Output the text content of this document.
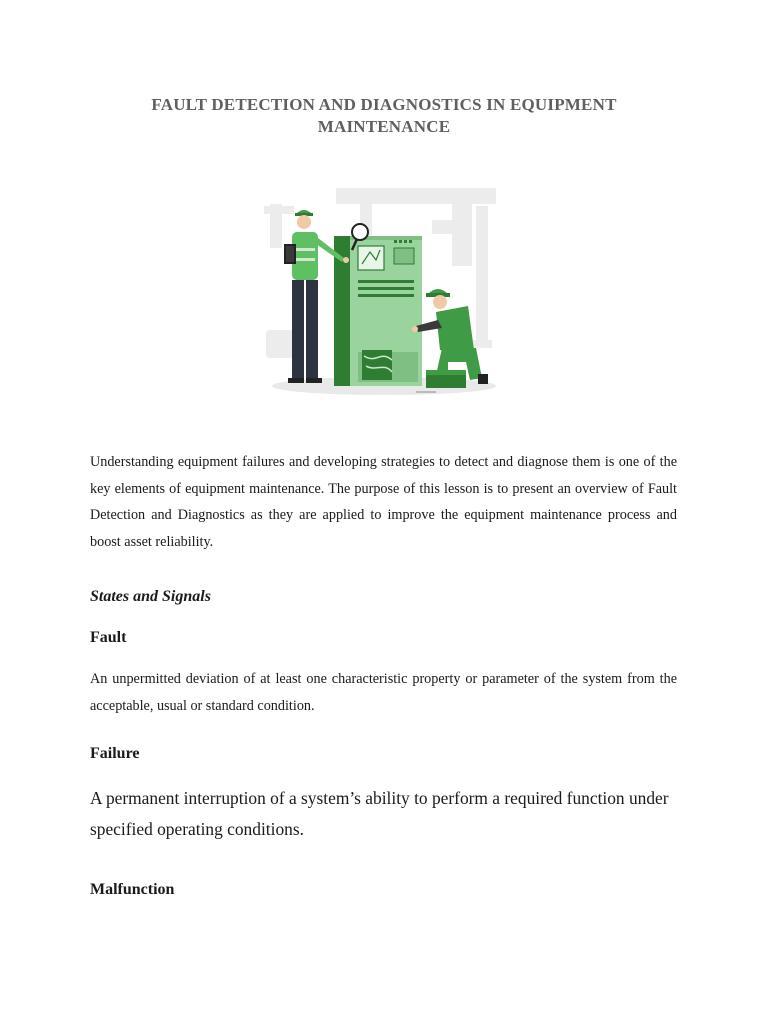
FAULT DETECTION AND DIAGNOSTICS IN EQUIPMENT
MAINTENANCE

Understanding equipment failures and developing strategies to detect and diagnose them is one of the key elements of equipment maintenance. The purpose of this lesson is to present an overview of Fault Detection and Diagnostics as they are applied to improve the equipment maintenance process and boost asset reliability.

States and Signals
Fault

An unpermitted deviation of at least one characteristic property or parameter of the system from the acceptable, usual or standard condition.

Failure

A permanent interruption of a system’s ability to perform a required function under specified operating conditions.

Malfunction
